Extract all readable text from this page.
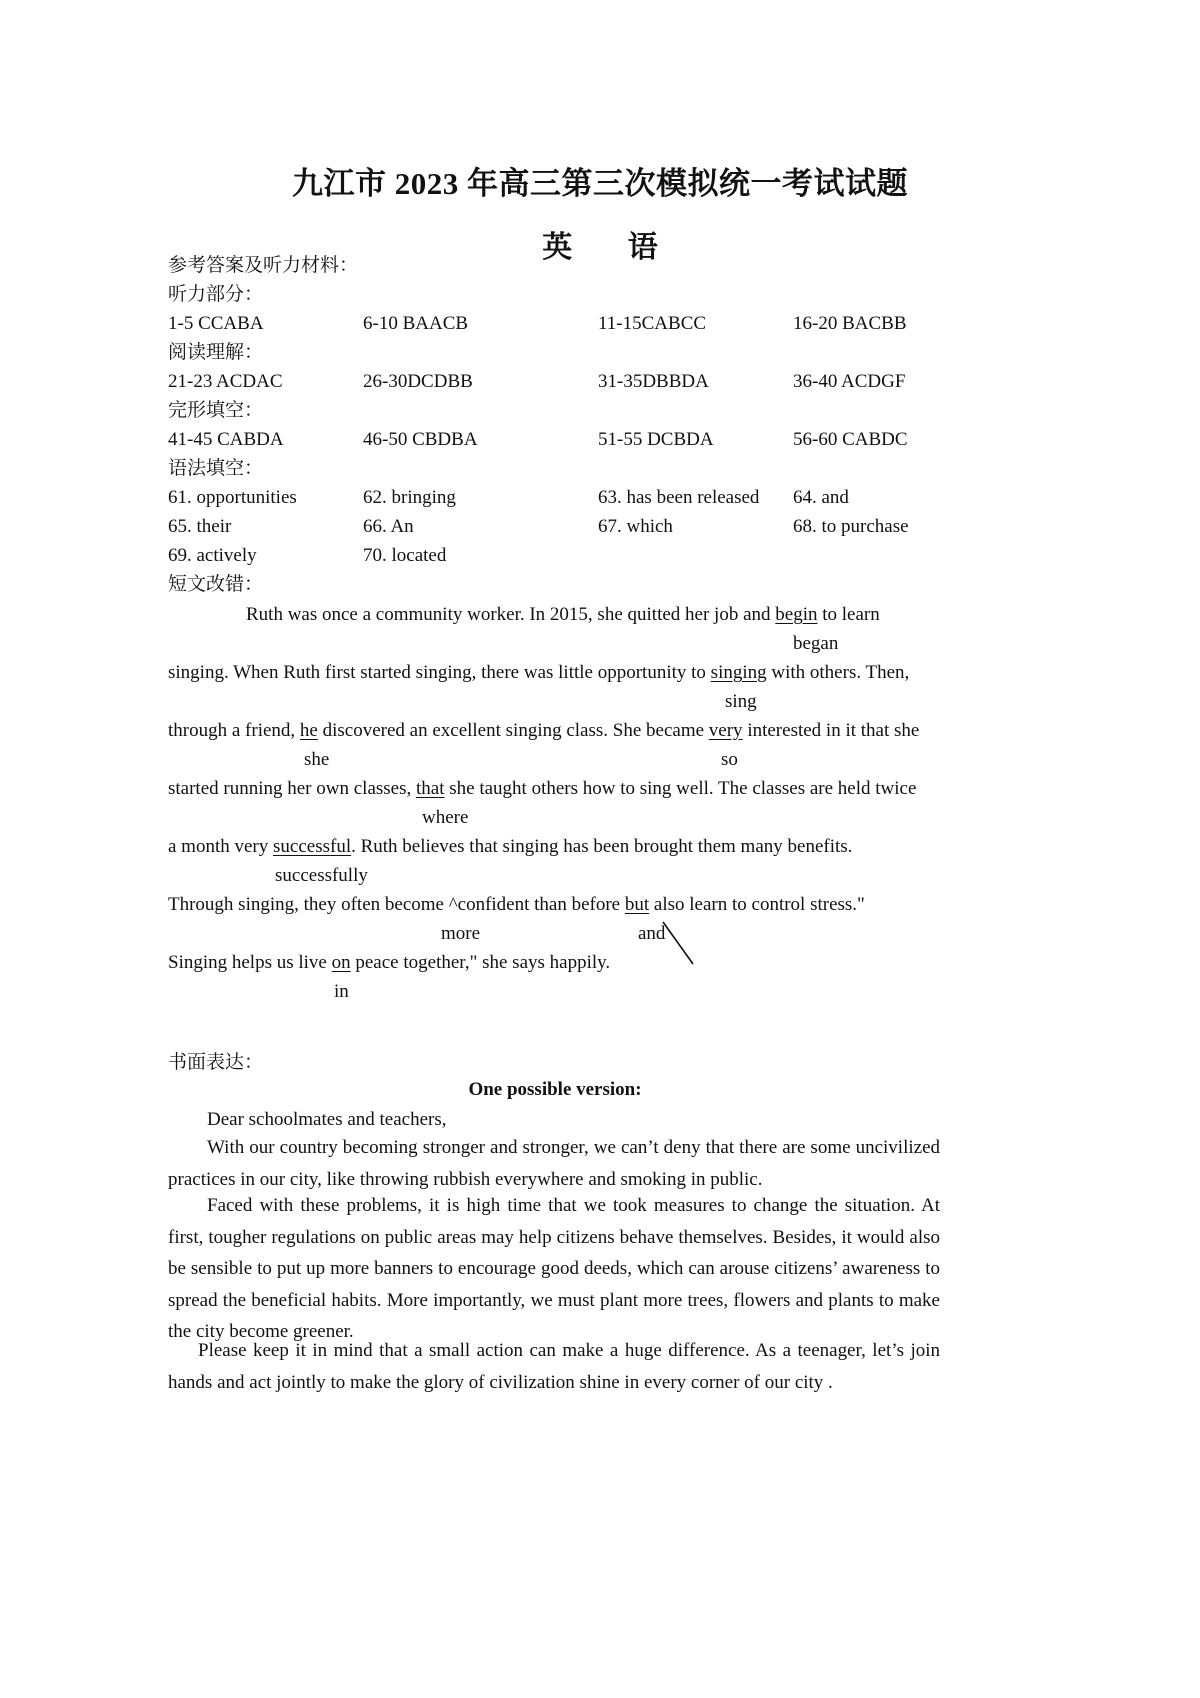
九江市 2023 年高三第三次模拟统一考试试题
英 语
参考答案及听力材料：
听力部分：
1-5 CCABA	6-10 BAACB	11-15CABCC	16-20 BACBB
阅读理解：
21-23 ACDAC	26-30DCDBB	31-35DBBDA	36-40 ACDGF
完形填空：
41-45 CABDA	46-50 CBDBA	51-55 DCBDA	56-60 CABDC
语法填空：
61. opportunities	62. bringing	63. has been released 64. and
65. their	66. An	67. which	68. to purchase
69. actively	70. located
短文改错：
Ruth was once a community worker. In 2015, she quitted her job and begin to learn
began
singing. When Ruth first started singing, there was little opportunity to singing with others. Then,
sing
through a friend, he discovered an excellent singing class. She became very interested in it that she
she	so
started running her own classes, that she taught others how to sing well. The classes are held twice
where
a month very successful. Ruth believes that singing has been brought them many benefits.
successfully
Through singing, they often become ^confident than before but also learn to control stress."
more	and
Singing helps us live on peace together," she says happily.
in
书面表达：
One possible version:
Dear schoolmates and teachers,
With our country becoming stronger and stronger, we can’t deny that there are some uncivilized practices in our city, like throwing rubbish everywhere and smoking in public.
Faced with these problems, it is high time that we took measures to change the situation. At first, tougher regulations on public areas may help citizens behave themselves. Besides, it would also be sensible to put up more banners to encourage good deeds, which can arouse citizens’ awareness to spread the beneficial habits. More importantly, we must plant more trees, flowers and plants to make the city become greener.
Please keep it in mind that a small action can make a huge difference. As a teenager, let’s join hands and act jointly to make the glory of civilization shine in every corner of our city .
